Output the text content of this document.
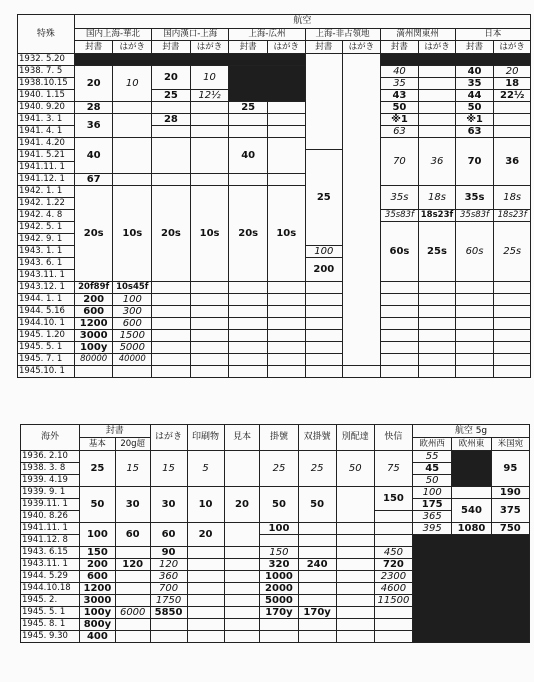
特殊	航空											
	国内上海-華北		国内漢口-上海		上海-広州		上海-非占領地		満州関東州		日本	
	封書	はがき	封書	はがき	封書	はがき	封書	はがき	封書	はがき	封書	はがき
1932. 5.20												
1938. 7. 5	20	10	20	10					40		40	20
1938.10.15									35		35	18
1940. 1.15			25	12½					43		44	22½
1940. 9.20	28				25				50		50	
1941. 3. 1	36		28						※1		※1	
1941. 4. 1									63		63	
1941. 4.20	40				40				70	36	70	36
1941. 5.21							25					
1941.11. 1												
1941.12. 1	67											
1942. 1. 1	20s	10s	20s	10s	20s	10s			35s	18s	35s	18s
1942. 1.22												
1942. 4. 8									35s83f	18s23f	35s83f	18s23f
1942. 5. 1									60s	25s	60s	25s
1942. 9. 1												
1943. 1. 1							100					
1943. 6. 1							200					
1943.11. 1												
1943.12. 1	20f89f	10s45f										
1944. 1. 1	200	100										
1944. 5.16	600	300										
1944.10. 1	1200	600										
1945. 1.20	3000	1500										
1945. 5. 1	100y	5000										
1945. 7. 1	80000	40000										
1945.10. 1												
海外	封書		はがき	印刷物	見本	掛號	双掛號	別配達	快信	航空 5g		
	基本	20g超								欧州西	欧州東	米国宛
1936. 2.10	25	15	15	5		25	25	50	75	55		95
1938. 3. 8										45		
1939. 4.19										50		
1939. 9. 1	50	30	30	10	20	50	50		150	100		190
1939.11. 1										175	540	375
1940. 8.26										365		
1941.11. 1	100	60	60	20		100				395	1080	750
1941.12. 8												
1943. 6.15	150		90			150			450			
1943.11. 1	200	120	120			320	240		720			
1944. 5.29	600		360			1000			2300			
1944.10.18	1200		700			2000			4600			
1945. 2.	3000		1750			5000			11500			
1945. 5. 1	100y	6000	5850			170y	170y					
1945. 8. 1	800y											
1945. 9.30	400											
